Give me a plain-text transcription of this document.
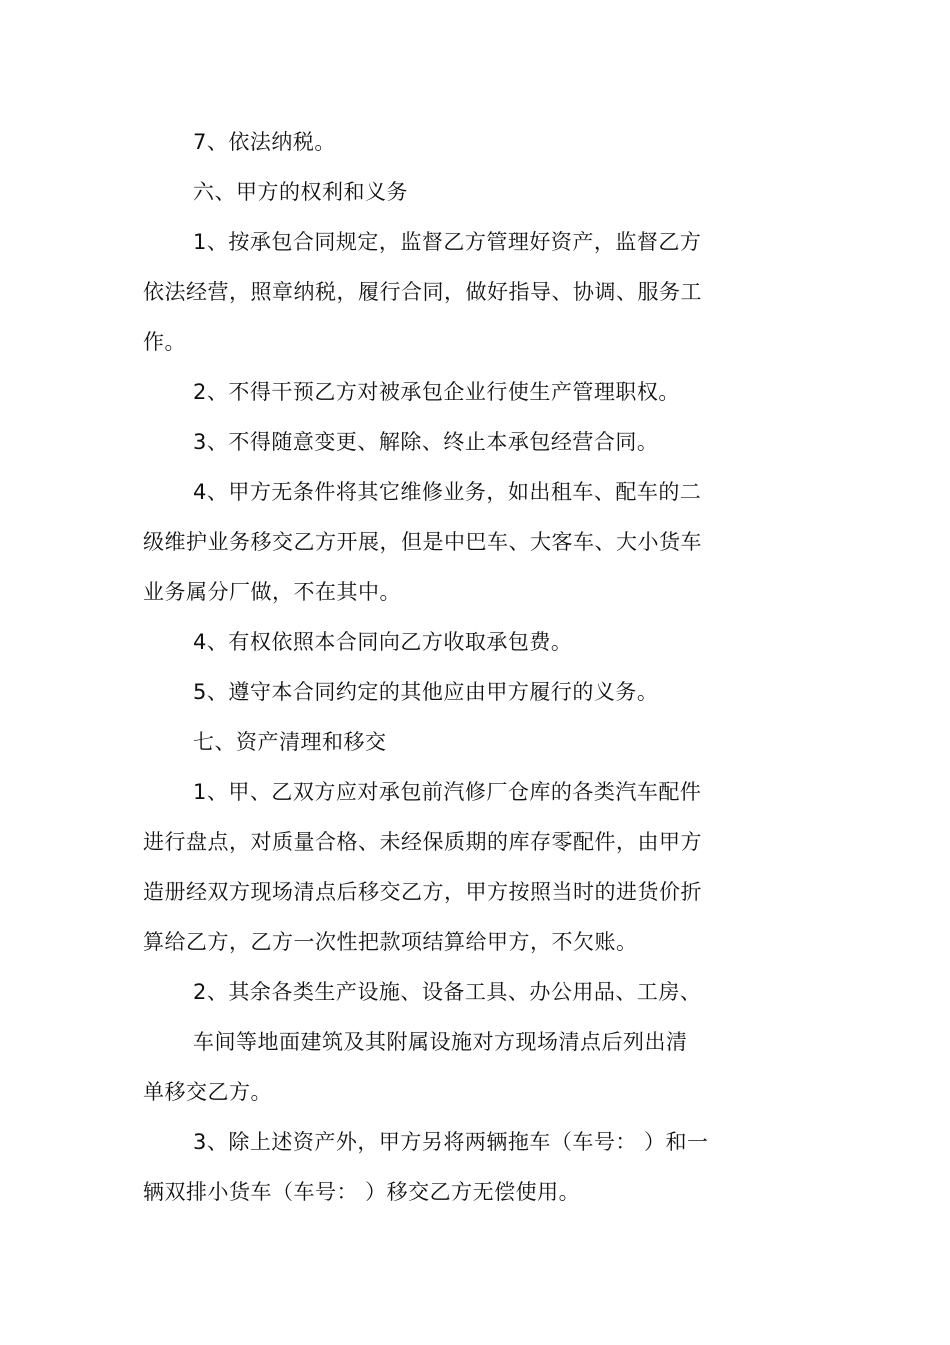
7、依法纳税。

六、甲方的权利和义务

1、按承包合同规定，监督乙方管理好资产，监督乙方

依法经营，照章纳税，履行合同，做好指导、协调、服务工

作。

2、不得干预乙方对被承包企业行使生产管理职权。

3、不得随意变更、解除、终止本承包经营合同。

4、甲方无条件将其它维修业务，如出租车、配车的二

级维护业务移交乙方开展，但是中巴车、大客车、大小货车

业务属分厂做，不在其中。

4、有权依照本合同向乙方收取承包费。

5、遵守本合同约定的其他应由甲方履行的义务。

七、资产清理和移交

1、甲、乙双方应对承包前汽修厂仓库的各类汽车配件

进行盘点，对质量合格、未经保质期的库存零配件，由甲方

造册经双方现场清点后移交乙方，甲方按照当时的进货价折

算给乙方，乙方一次性把款项结算给甲方，不欠账。

2、其余各类生产设施、设备工具、办公用品、工房、

车间等地面建筑及其附属设施对方现场清点后列出清

单移交乙方。

3、除上述资产外，甲方另将两辆拖车（车号： ）和一

辆双排小货车（车号： ）移交乙方无偿使用。
